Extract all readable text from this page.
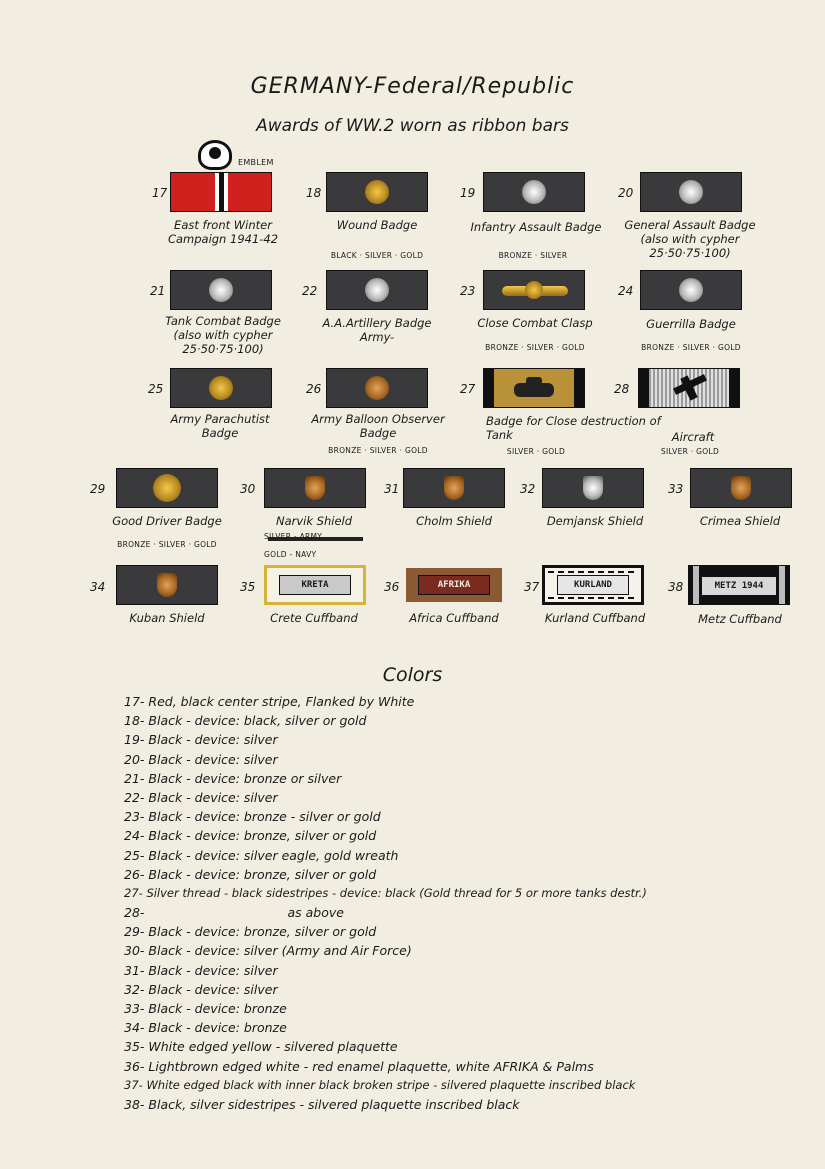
GERMANY-Federal/Republic
Awards of WW.2 worn as ribbon bars
EMBLEM
17
East front Winter
Campaign 1941-42
18
Wound Badge
BLACK · SILVER · GOLD
19
Infantry Assault Badge
BRONZE · SILVER
20
General Assault Badge
(also with cypher
25·50·75·100)
21
Tank Combat Badge
(also with cypher
25·50·75·100)
22
A.A.Artillery Badge
Army-
23
Close Combat Clasp
BRONZE · SILVER · GOLD
24
Guerrilla Badge
BRONZE · SILVER · GOLD
25
Army Parachutist
Badge
26
Army Balloon Observer
Badge
BRONZE · SILVER · GOLD
27
Badge for Close destruction of
Tank
SILVER · GOLD
28
Aircraft
SILVER · GOLD
29
Good Driver Badge
BRONZE · SILVER · GOLD
30
Narvik Shield
SILVER - ARMY
GOLD - NAVY
31
Cholm Shield
32
Demjansk Shield
33
Crimea Shield
34
Kuban Shield
35	KRETA
Crete Cuffband
36	AFRIKA
Africa Cuffband
37	KURLAND
Kurland Cuffband
38	METZ 1944
Metz Cuffband
Colors
17- Red, black center stripe, Flanked by White
18- Black - device: black, silver or gold
19- Black - device: silver
20- Black - device: silver
21- Black - device: bronze or silver
22- Black - device: silver
23- Black - device: bronze - silver or gold
24- Black - device: bronze, silver or gold
25- Black - device: silver eagle, gold wreath
26- Black - device: bronze, silver or gold
27- Silver thread - black sidestripes - device: black (Gold thread for 5 or more tanks destr.)
28-                                    as above
29- Black - device: bronze, silver or gold
30- Black - device: silver (Army and Air Force)
31- Black - device: silver
32- Black - device: silver
33- Black - device: bronze
34- Black - device: bronze
35- White edged yellow - silvered plaquette
36- Lightbrown edged white - red enamel plaquette, white AFRIKA & Palms
37- White edged black with inner black broken stripe - silvered plaquette inscribed black
38- Black, silver sidestripes - silvered plaquette inscribed black
